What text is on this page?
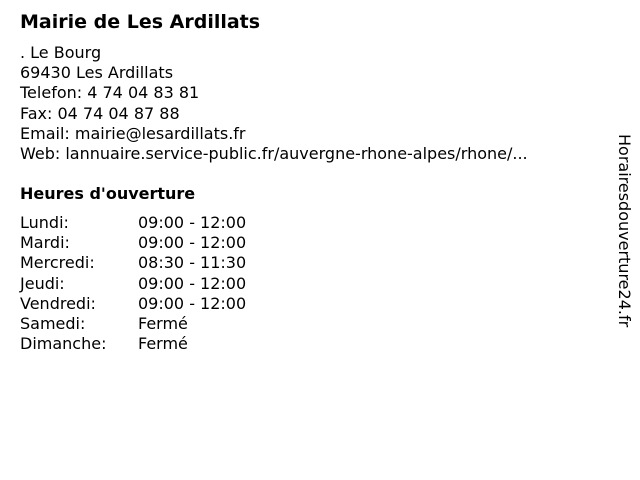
Mairie de Les Ardillats
. Le Bourg
69430 Les Ardillats
Telefon: 4 74 04 83 81
Fax: 04 74 04 87 88
Email: mairie@lesardillats.fr
Web: lannuaire.service-public.fr/auvergne-rhone-alpes/rhone/...
Heures d'ouverture
Lundi:	09:00 - 12:00
Mardi:	09:00 - 12:00
Mercredi:	08:30 - 11:30
Jeudi:	09:00 - 12:00
Vendredi:	09:00 - 12:00
Samedi:	Fermé
Dimanche: Fermé
Horairesdouverture24.fr
